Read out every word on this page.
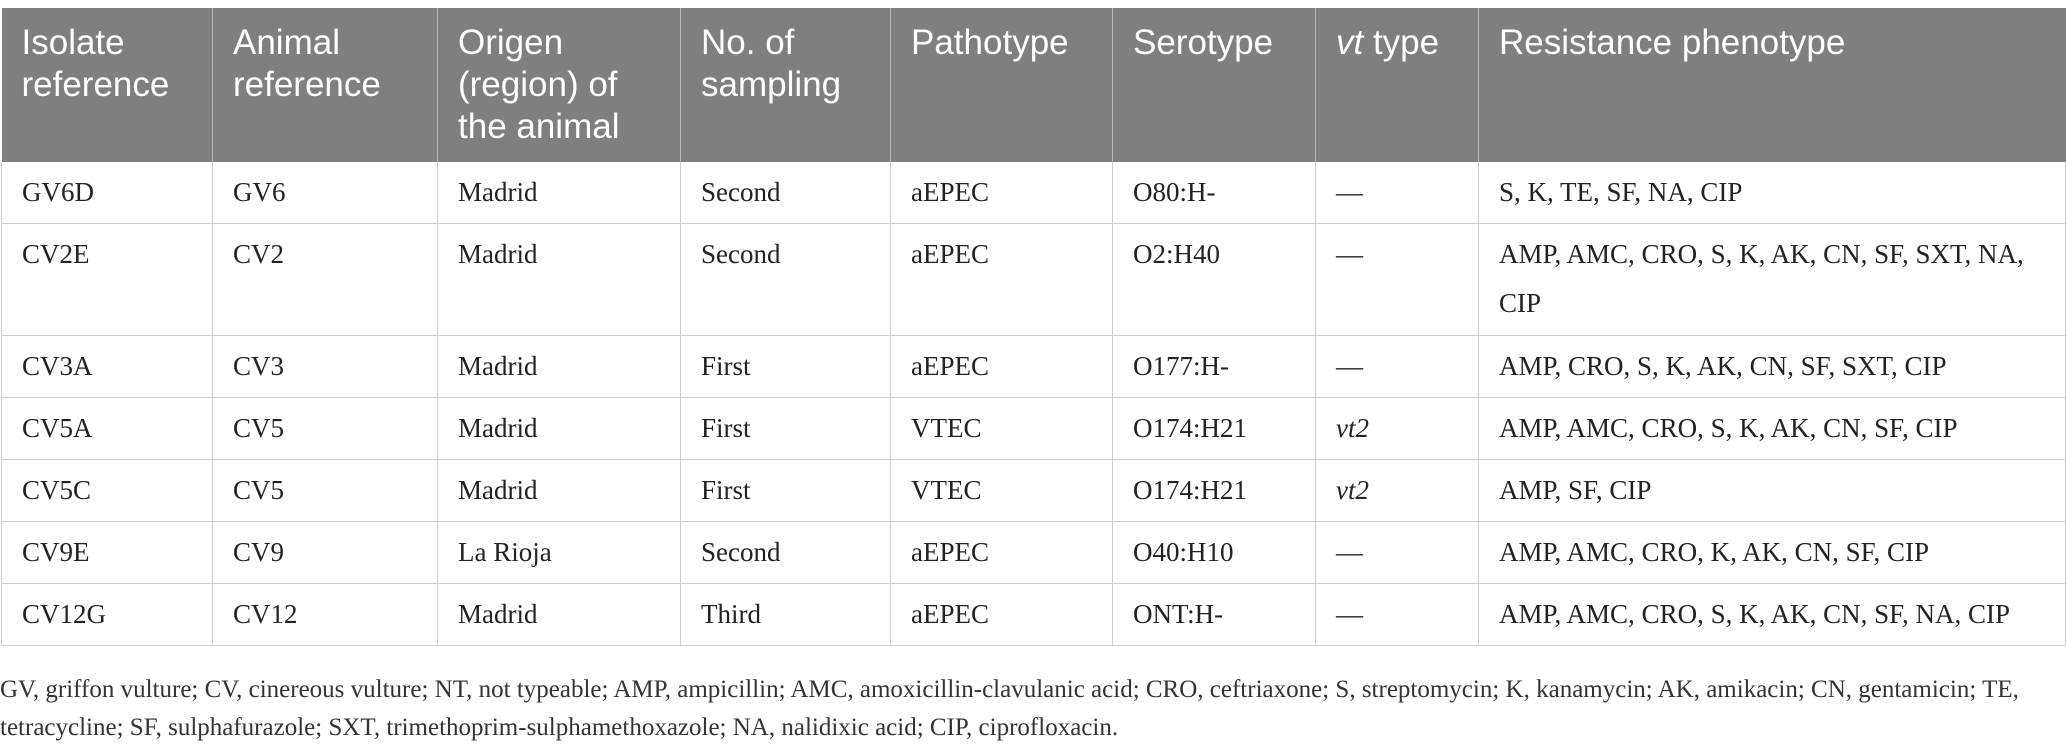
Isolate reference	Animal reference	Origen (region) of the animal	No. of sampling	Pathotype	Serotype	vt type	Resistance phenotype
GV6D	GV6	Madrid	Second	aEPEC	O80:H-	—	S, K, TE, SF, NA, CIP
CV2E	CV2	Madrid	Second	aEPEC	O2:H40	—	AMP, AMC, CRO, S, K, AK, CN, SF, SXT, NA, CIP
CV3A	CV3	Madrid	First	aEPEC	O177:H-	—	AMP, CRO, S, K, AK, CN, SF, SXT, CIP
CV5A	CV5	Madrid	First	VTEC	O174:H21	vt2	AMP, AMC, CRO, S, K, AK, CN, SF, CIP
CV5C	CV5	Madrid	First	VTEC	O174:H21	vt2	AMP, SF, CIP
CV9E	CV9	La Rioja	Second	aEPEC	O40:H10	—	AMP, AMC, CRO, K, AK, CN, SF, CIP
CV12G	CV12	Madrid	Third	aEPEC	ONT:H-	—	AMP, AMC, CRO, S, K, AK, CN, SF, NA, CIP

GV, griffon vulture; CV, cinereous vulture; NT, not typeable; AMP, ampicillin; AMC, amoxicillin-clavulanic acid; CRO, ceftriaxone; S, streptomycin; K, kanamycin; AK, amikacin; CN, gentamicin; TE, tetracycline; SF, sulphafurazole; SXT, trimethoprim-sulphamethoxazole; NA, nalidixic acid; CIP, ciprofloxacin.
